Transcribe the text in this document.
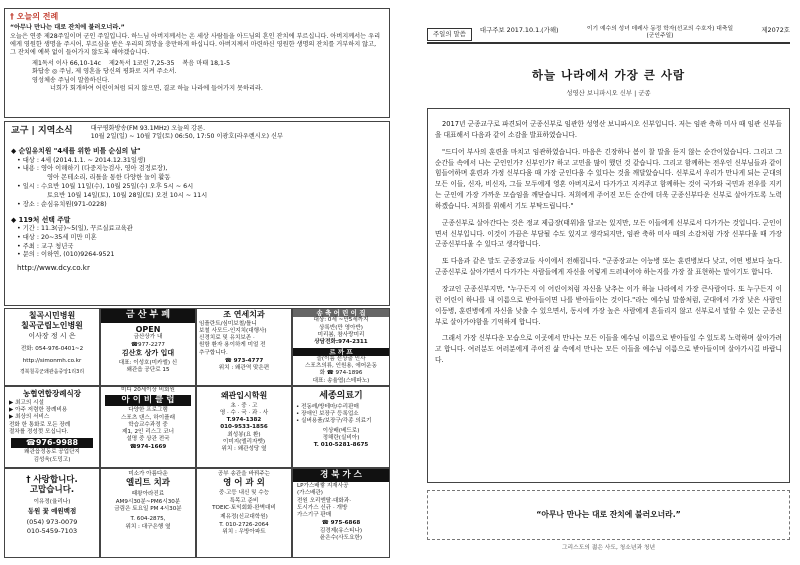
† 오늘의 전례

“아무나 만나는 대로 잔치에 불러오너라.”

오늘은 연중 제28주일이며 군인 주일입니다. 하느님 아버지께서는 온 세상 사람들을 아드님의 혼인 잔치에 부르십니다. 아버지께서는 우리에게 영원한 생명을 주시어, 부르심을 받은 우리의 희망을 충만하게 하십니다. 아버지께서 마련하신 영원한 생명의 잔치를 거부하지 않고, 그 잔치에 예복 없이 들어가지 않도록 해야겠습니다.

제1독서 이사 66,10-14c 제2독서 1코린 7,25-35 복음 마태 18,1-5
화답송 ◎ 주님, 제 영혼을 당신의 평화로 지켜 주소서.
영성체송 주님이 말씀하신다.
너희가 회개하여 어린이처럼 되지 않으면, 결코 하늘 나라에 들어가지 못하리라.
교구 | 지역소식	대구평화방송(FM 93.1MHz) 오늘의 강론.
10월 2일(일) ~ 10월 7일(토) 06:50, 17:50 이광호(라우렌시오) 신부
◆ 순일유치원 "4세를 위한 비틀 순심의 날"
• 대상 : 4세 (2014.1.1. ~ 2014.12.31일생)
• 내용 : 영아 이해하기 (다중지능검사, 영아 검정로장),
영아 몬테소리, 리틀을 통한 다양한 놀이 활동
• 일시 : 수요반 10월 11일(수), 10월 25일(수) 오후 5시 ~ 6시
토요반 10월 14일(토), 10월 28일(토) 오전 10시 ~ 11시
• 장소 : 순심유치원(971-0228)
◆ 119처 선택 주말
• 기간 : 11.3(금)~5(일), 꾸르실료교육관
• 대상 : 20~35세 미만 미혼
• 주최 : 교구 청년국
• 문의 : 이하연, (010)9264-9521
http://www.dcy.co.kr
칠곡시민병원
칠곡군립노인병원
이사장 정 시 은
전화: 054-976-0401~2
http://simonmh.co.kr
경북칠곡군왜관읍중앙1리3리
금 산 부 페
OPEN
금산상가 내
☎977-2277
김산호 상가 입대
대표: 이성호(미카엘) 신
왜관읍 공단로 15
조 연세치과
임플란트/심미보철/틀니
보철 사모드-인지치(대행사)
신경치료 및 유치보존 ·
원함 환자 용이하게 미얼 전
추구합니다.
☎ 973-4777
위치 : 왜관역 맞은편
송 축 어 린 이 집
대상: 0세 ~만5세까지
상록반(만 영아반)
미리봄, 참사랑미리
상담전화:974-2311
르 까 프
즐(이름 선상출 인사
스포츠의류, 인원용, 에어운동
화 ☎ 974-1896
대표: 송율엽(스테파노)
농협연합장례식장
▶ 최고의 시설
▶ 아주 저렴한 장례비용
▶ 최상의 서비스
전화 한 통화로 모든 장례
절차를 정성껏 모십니다.
☎976-9988
왜관읍정동로 공업단지
김성욱(도밍고)
미디 20세이상 비회원
아 이 비 클 럽
다양한 프로그램
스포츠 댄스, 하이플래
학습교수과정 중
제1, 2인 리스그 코너
설명 중 상관 전국
☎974-1669
왜관입시학원
초 · 중 · 고
영 · 수 · 국 · 과 · 사
T.974-1382
010-9533-1856
최성봉(요 환)
이미지(엘리자벳)
위치 : 왜관성당 옆
세종의료기
• 전동레/방테마/수리판매
• 장애인 보장구 등록업소
• 실버용품/보장구/각종 의료기
이상배(베드로)
정해란(실비아)
T. 010-5281-8675
† 사랑합니다.
고맙습니다.
이유정(율리나)
동원 꽃 예원백점
(054) 973-0079
010-5459-7103
미소가 아름다운
엘리트 치과
때왕아라진료
AM9시30분~PM6시30분
금림은 토요일 PM 4시30분
T. 604-2875,
위치 : 대구은행 옆
공부 송관을 바꿔주는
영 어 과 외
중·고등 내신 및 수능
특목고 준비
TOEIC·토익회화·완벽대비
제유정(신교대학원)
T. 010-2726-2064
위치 : 우방아파트
경 북 가 스
LP가스배쌓 지재사공
(가스배관)
전원 오리엔탈·대화과·
도시가스 신규 · 개방
가스기구 판매
☎ 975-6868
김경제(유스티나)
윤은수(사도요한)
주일의 말씀
대구주보 2017.10.1.(가해)	이기 예수의 성녀 데레사 동정 학자(선교의 수호자) 대축일(군인주일)
제2072호
하늘 나라에서 가장 큰 사람
성영산 보니파시오 신부 | 군종

2017년 군종교구로 파견되어 군종신부로 임관한 성영산 보니파시오 신부입니다. 저는 임관 축하 미사 때 임관 신부들을 대표해서 다음과 같이 소감을 발표하였습니다.

"드디어 부사의 훈련을 마치고 임관하였습니다. 마음은 긴장하나 봄이 찰 말을 듣지 않는 순간이었습니다. 그리고 그 순간들 속에서 나는 군인인가? 신부인가? 하고 고민을 많이 했던 것 같습니다. 그리고 함께하는 전우인 신부님들과 같이 힘들어하며 훈련과 가정 신부다움 때 가장 군인다움 수 있다는 것을 깨달았습니다. 신부로서 우리가 만나게 되는 군대의 모든 이들, 신자, 비신자, 그들 모두에게 영혼 아버지로서 다가가고 지켜주고 함께하는 것이 국가와 국민과 전우를 지키는 군인에 가장 가까운 모습임을 깨닫습니다. 저희에게 주어진 모든 순간에 더욱 군종신부다운 신부로 살아가도록 노력하겠습니다. 저희를 위해서 기도 부탁드립니다."

군종신부로 살아간다는 것은 정교 제급장(태위)을 달고는 있지만, 모든 이들에게 신부로서 다가가는 것입니다. 군인이면서 신부입니다. 이것이 가끔은 부담될 수도 있지고 생각되지만, 임관 축하 미사 때의 소감처럼 가장 신부다울 때 가장 군종신부다울 수 있다고 생각합니다.

또 다음과 같은 말도 군종장교들 사이에서 전해집니다. "군종장교는 이능병 또는 훈련병보다 낮고, 어떤 병보다 높다. 군종신부로 살아가면서 다가가는 사람들에게 자신을 어렇게 드러내어야 하는지를 가장 잘 표현하는 말이기도 합니다.

장교인 군종신부지만, "누구든지 이 어린이처럼 자신을 낮추는 이가 하늘 나라에서 가장 큰사람이다. 또 누구든지 이런 어린이 하나를 내 이름으로 받아들이면 나를 받아들이는 것이다."라는 예수님 말씀처럼, 군대에서 가장 낮은 사람인 이등병, 훈련병에게 자신을 낮출 수 있으면서, 동시에 가장 높은 사람에게 흔들리지 않고 신부로서 말할 수 있는 군종신부로 살아가야함을 기억하게 합니다.

그래서 가장 신부다운 모습으로 이곳에서 만나는 모든 이들을 예수님 이름으로 받아들일 수 있도록 노력하며 살아가려고 합니다. 여러분도 여러분에게 주어진 삶 속에서 만나는 모든 이들을 예수님 이름으로 받아들이며 살아가시길 바랍니다.

“아무나 만나는 대로 잔치에 불러오너라.”
그리스도의 젊은 사도, 청소년과 청년
